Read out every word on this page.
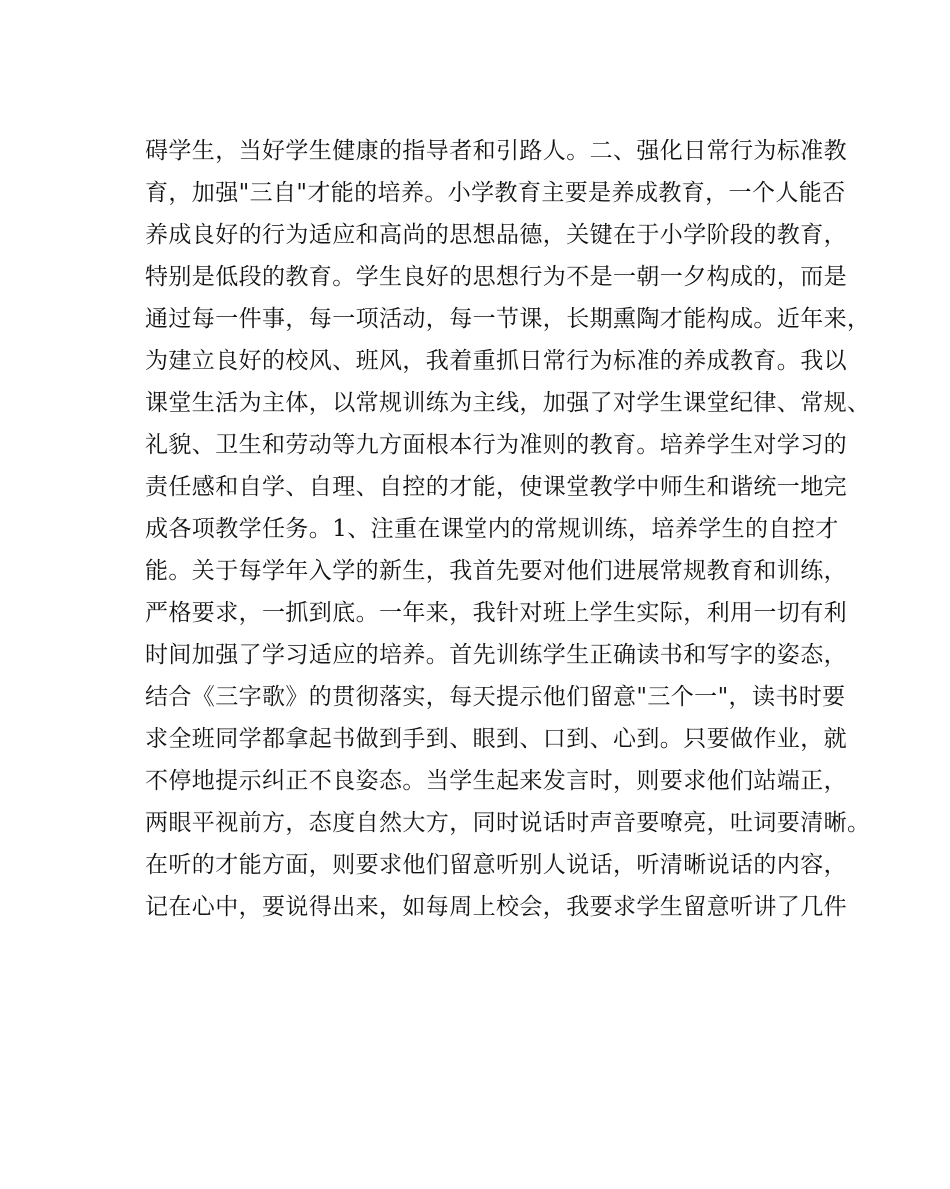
碍学生，当好学生健康的指导者和引路人。二、强化日常行为标准教
育，加强"三自"才能的培养。小学教育主要是养成教育，一个人能否
养成良好的行为适应和高尚的思想品德，关键在于小学阶段的教育，
特别是低段的教育。学生良好的思想行为不是一朝一夕构成的，而是
通过每一件事，每一项活动，每一节课，长期熏陶才能构成。近年来，
为建立良好的校风、班风，我着重抓日常行为标准的养成教育。我以
课堂生活为主体，以常规训练为主线，加强了对学生课堂纪律、常规、
礼貌、卫生和劳动等九方面根本行为准则的教育。培养学生对学习的
责任感和自学、自理、自控的才能，使课堂教学中师生和谐统一地完
成各项教学任务。1、注重在课堂内的常规训练，培养学生的自控才
能。关于每学年入学的新生，我首先要对他们进展常规教育和训练，
严格要求，一抓到底。一年来，我针对班上学生实际，利用一切有利
时间加强了学习适应的培养。首先训练学生正确读书和写字的姿态，
结合《三字歌》的贯彻落实，每天提示他们留意"三个一"，读书时要
求全班同学都拿起书做到手到、眼到、口到、心到。只要做作业，就
不停地提示纠正不良姿态。当学生起来发言时，则要求他们站端正，
两眼平视前方，态度自然大方，同时说话时声音要嘹亮，吐词要清晰。
在听的才能方面，则要求他们留意听别人说话，听清晰说话的内容，
记在心中，要说得出来，如每周上校会，我要求学生留意听讲了几件
